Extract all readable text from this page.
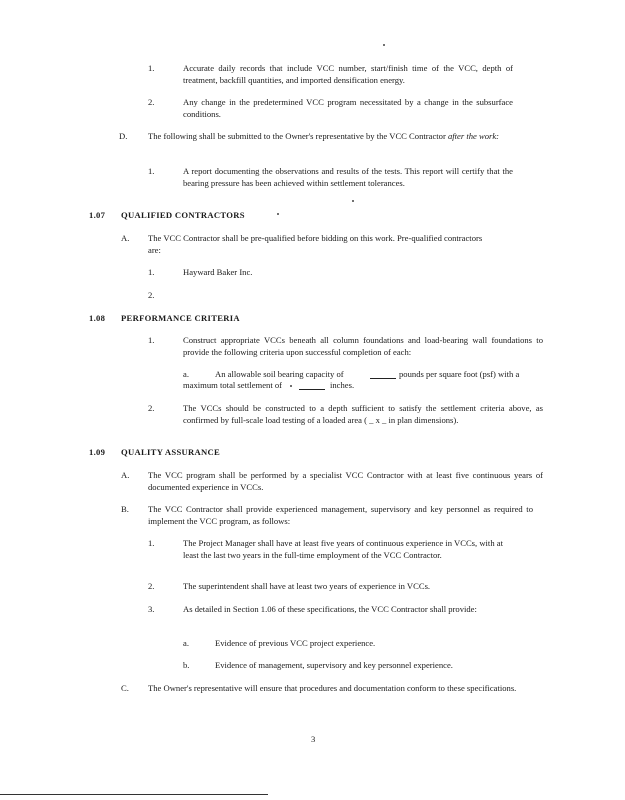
1.	Accurate daily records that include VCC number, start/finish time of the VCC, depth of treatment, backfill quantities, and imported densification energy.
2.	Any change in the predetermined VCC program necessitated by a change in the subsurface conditions.
D. The following shall be submitted to the Owner's representative by the VCC Contractor after the work:
1.	A report documenting the observations and results of the tests. This report will certify that the bearing pressure has been achieved within settlement tolerances.
1.07 QUALIFIED CONTRACTORS
A. The VCC Contractor shall be pre-qualified before bidding on this work. Pre-qualified contractors are:
1.	Hayward Baker Inc.
2.
1.08 PERFORMANCE CRITERIA
1.	Construct appropriate VCCs beneath all column foundations and load-bearing wall foundations to provide the following criteria upon successful completion of each:
a.	An allowable soil bearing capacity of	pounds per square foot (psf) with a
maximum total settlement of	inches.
2.	The VCCs should be constructed to a depth sufficient to satisfy the settlement criteria above, as confirmed by full-scale load testing of a loaded area ( _ x _ in plan dimensions).
1.09 QUALITY ASSURANCE
A. The VCC program shall be performed by a specialist VCC Contractor with at least five continuous years of documented experience in VCCs.
B. The VCC Contractor shall provide experienced management, supervisory and key personnel as required to implement the VCC program, as follows:
1.	The Project Manager shall have at least five years of continuous experience in VCCs, with at least the last two years in the full-time employment of the VCC Contractor.
2.	The superintendent shall have at least two years of experience in VCCs.
3.	As detailed in Section 1.06 of these specifications, the VCC Contractor shall provide:
a.	Evidence of previous VCC project experience.
b.	Evidence of management, supervisory and key personnel experience.
C. The Owner's representative will ensure that procedures and documentation conform to these specifications.
3
